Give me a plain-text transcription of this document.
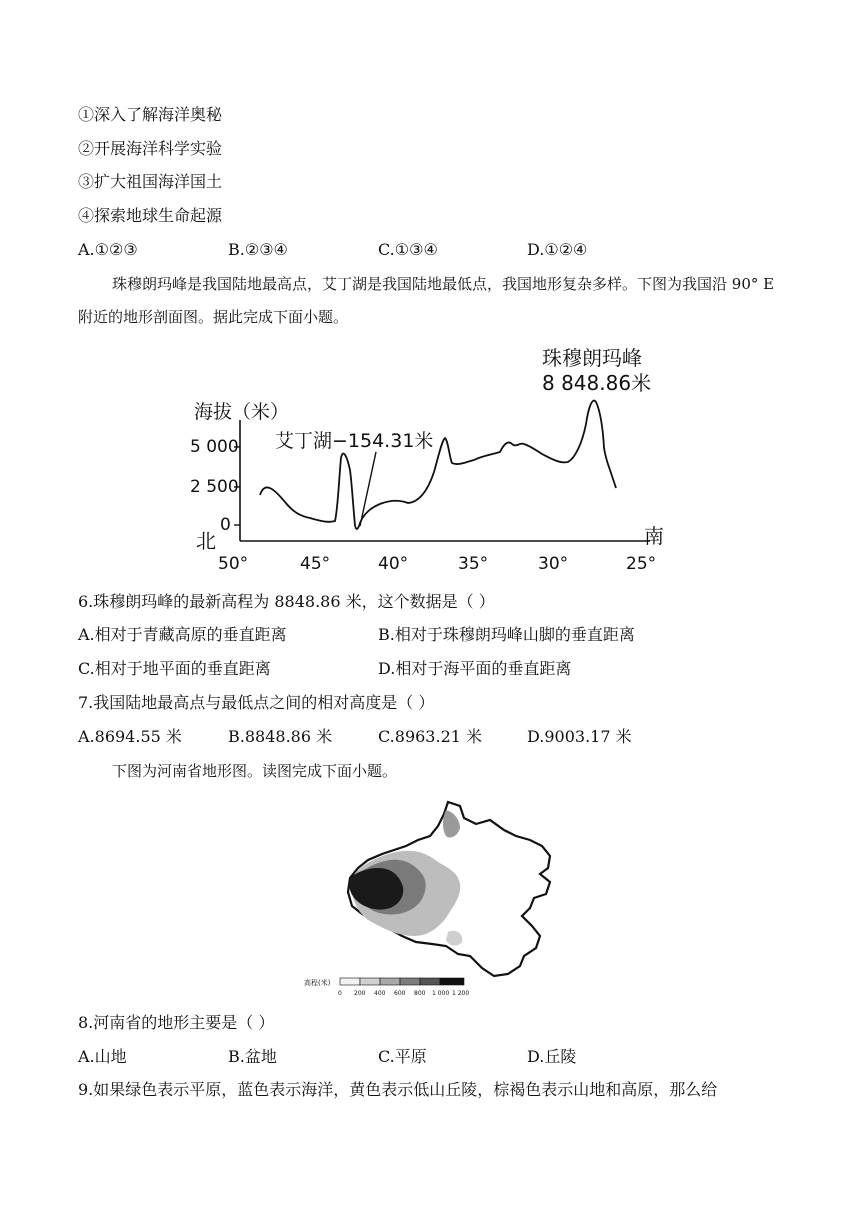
①深入了解海洋奥秘
②开展海洋科学实验
③扩大祖国海洋国土
④探索地球生命起源
A.①②③	B.②③④	C.①③④	D.①②④
珠穆朗玛峰是我国陆地最高点，艾丁湖是我国陆地最低点，我国地形复杂多样。下图为我国沿 90° E 附近的地形剖面图。据此完成下面小题。
珠穆朗玛峰
8 848.86米
海拔（米）
艾丁湖−154.31米
5 000
2 500
0
北	南
50°	45°	40°	35°	30°	25°
6.珠穆朗玛峰的最新高程为 8848.86 米，这个数据是（ ）
A.相对于青藏高原的垂直距离	B.相对于珠穆朗玛峰山脚的垂直距离
C.相对于地平面的垂直距离	D.相对于海平面的垂直距离
7.我国陆地最高点与最低点之间的相对高度是（ ）
A.8694.55 米	B.8848.86 米	C.8963.21 米	D.9003.17 米
下图为河南省地形图。读图完成下面小题。
高程(米)
0 200 400 600 800 1 000 1 200
8.河南省的地形主要是（ ）
A.山地	B.盆地	C.平原	D.丘陵
9.如果绿色表示平原，蓝色表示海洋，黄色表示低山丘陵，棕褐色表示山地和高原，那么给
